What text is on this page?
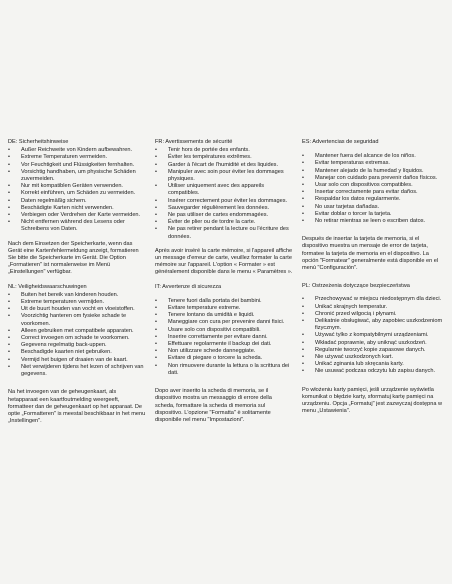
DE: Sicherheitshinweise
• Außer Reichweite von Kindern aufbewahren.
• Extreme Temperaturen vermeiden.
• Vor Feuchtigkeit und Flüssigkeiten fernhalten.
• Vorsichtig handhaben, um physische Schäden zuvermeiden.
• Nur mit kompatiblen Geräten verwenden.
• Korrekt einführen, um Schäden zu vermeiden.
• Daten regelmäßig sichern.
• Beschädigte Karten nicht verwenden.
• Verbiegen oder Verdrehen der Karte vermeiden.
• Nicht entfernen während des Lesens oder Schreibens von Daten.

Nach dem Einsetzen der Speicherkarte, wenn das Gerät eine Kartenfehlermeldung anzeigt, formatieren Sie bitte die Speicherkarte im Gerät. Die Option „Formatieren" ist normalerweise im Menü „Einstellungen" verfügbar.

NL: Veiligheidswaarschuwingen
• Buiten het bereik van kinderen houden.
• Extreme temperaturen vermijden.
• Uit de buurt houden van vocht en vloeistoffen.
• Voorzichtig hanteren om fysieke schade te voorkomen.
• Alleen gebruiken met compatibele apparaten.
• Correct invoegen om schade te voorkomen.
• Gegevens regelmatig back-uppen.
• Beschadigde kaarten niet gebruiken.
• Vermijd het buigen of draaien van de kaart.
• Niet verwijderen tijdens het lezen of schrijven van gegevens.

Na het invoegen van de geheugenkaart, als hetapparaat een kaartfoutmelding weergeeft, formatteer dan de geheugenkaart op het apparaat. De optie „Formatteren" is meestal beschikbaar in het menu „Instellingen".

FR: Avertissements de sécurité
• Tenir hors de portée des enfants.
• Éviter les températures extrêmes.
• Garder à l'écart de l'humidité et des liquides.
• Manipuler avec soin pour éviter les dommages physiques.
• Utiliser uniquement avec des appareils compatibles.
• Insérer correctement pour éviter les dommages.
• Sauvegarder régulièrement les données.
• Ne pas utiliser de cartes endommagées.
• Éviter de plier ou de tordre la carte.
• Ne pas retirer pendant la lecture ou l'écriture des données.

Après avoir inséré la carte mémoire, si l'appareil affiche un message d'erreur de carte, veuillez formater la carte mémoire sur l'appareil. L'option « Formater » est généralement disponible dans le menu « Paramètres ».

IT: Avvertenze di sicurezza
• Tenere fuori dalla portata dei bambini.
• Evitare temperature estreme.
• Tenere lontano da umidità e liquidi.
• Maneggiare con cura per prevenire danni fisici.
• Usare solo con dispositivi compatibili.
• Inserire correttamente per evitare danni.
• Effettuare regolarmente il backup dei dati.
• Non utilizzare schede danneggiate.
• Evitare di piegare o torcere la scheda.
• Non rimuovere durante la lettura o la scrittura dei dati.

Dopo aver inserito la scheda di memoria, se il dispositivo mostra un messaggio di errore della scheda, formattare la scheda di memoria sul dispositivo. L'opzione "Formatta" è solitamente disponibile nel menu "Impostazioni".

ES: Advertencias de seguridad
• Mantener fuera del alcance de los niños.
• Evitar temperaturas extremas.
• Mantener alejado de la humedad y líquidos.
• Manejar con cuidado para prevenir daños físicos.
• Usar solo con dispositivos compatibles.
• Insertar correctamente para evitar daños.
• Respaldar los datos regularmente.
• No usar tarjetas dañadas.
• Evitar doblar o torcer la tarjeta.
• No retirar mientras se leen o escriben datos.

Después de insertar la tarjeta de memoria, si el dispositivo muestra un mensaje de error de tarjeta, formatee la tarjeta de memoria en el dispositivo. La opción "Formatear" generalmente está disponible en el menú "Configuración".

PL: Ostrzeżenia dotyczące bezpieczeństwa
• Przechowywać w miejscu niedostępnym dla dzieci.
• Unikać skrajnych temperatur.
• Chronić przed wilgocią i płynami.
• Delikatnie obsługiwać, aby zapobiec uszkodzeniom fizycznym.
• Używać tylko z kompatybilnymi urządzeniami.
• Wkładać poprawnie, aby uniknąć uszkodzeń.
• Regularnie tworzyć kopie zapasowe danych.
• Nie używać uszkodzonych kart.
• Unikać zginania lub skręcania karty.
• Nie usuwać podczas odczytu lub zapisu danych.

Po włożeniu karty pamięci, jeśli urządzenie wyświetla komunikat o błędzie karty, sformatuj kartę pamięci na urządzeniu. Opcja „Formatuj" jest zazwyczaj dostępna w menu „Ustawienia".
